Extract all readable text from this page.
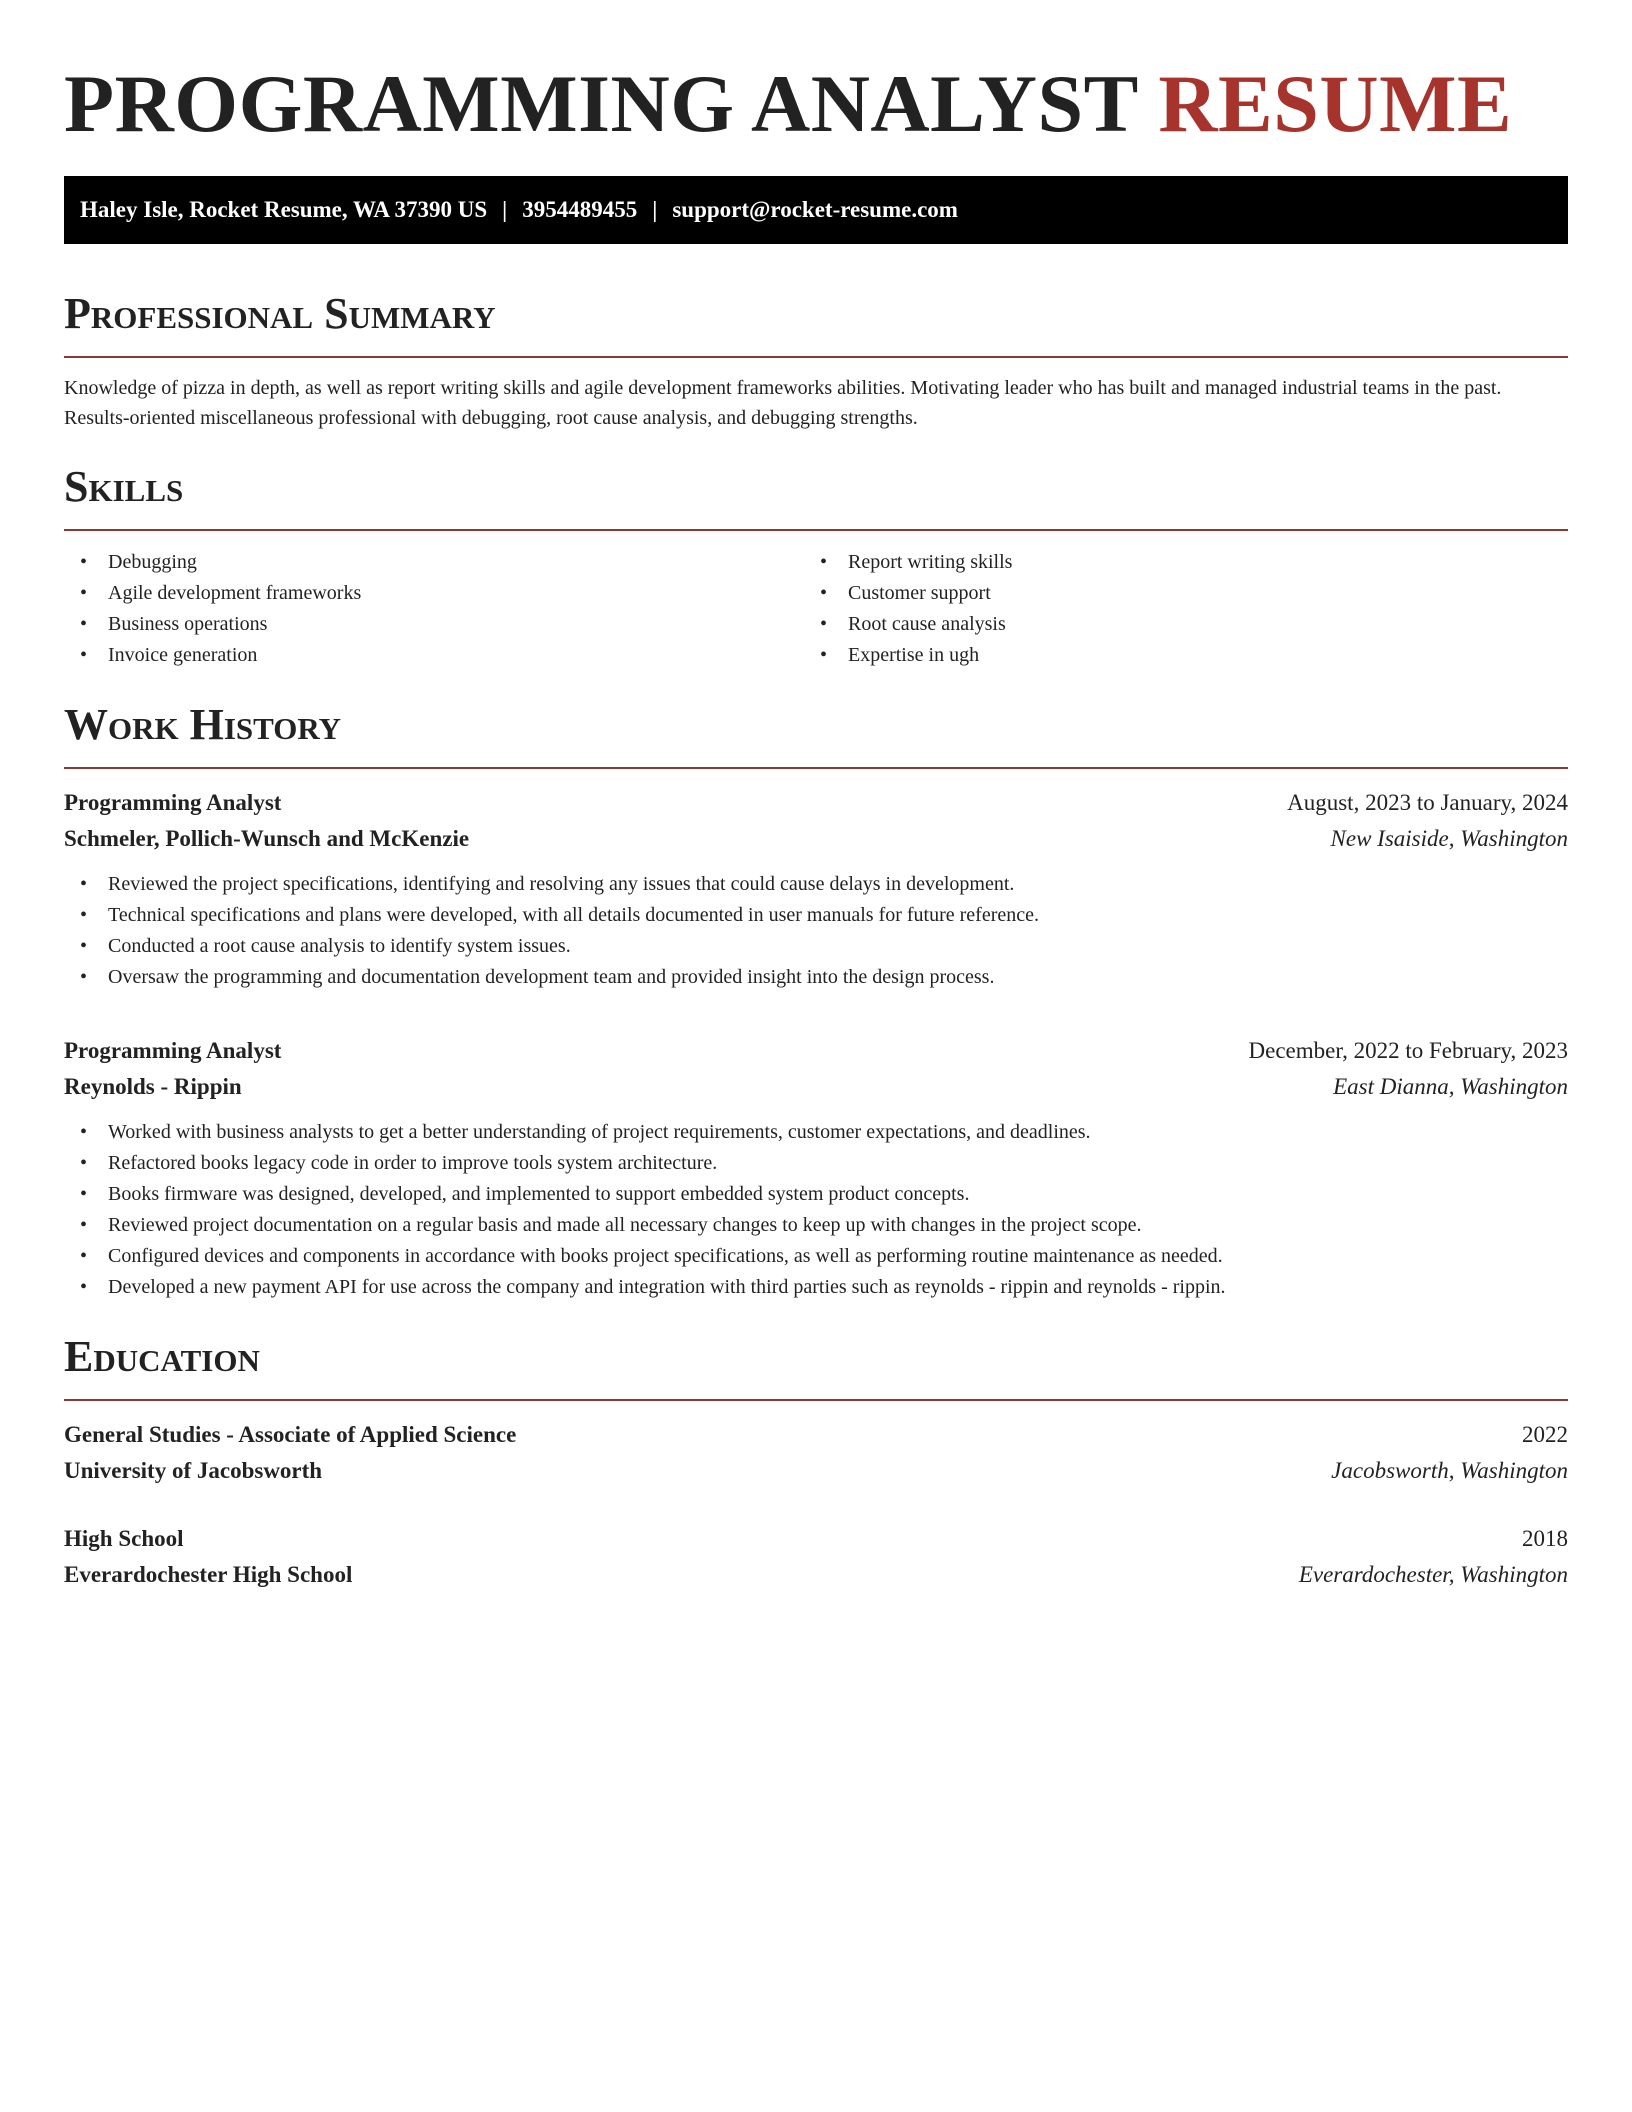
PROGRAMMING ANALYST RESUME
Haley Isle, Rocket Resume, WA 37390 US | 3954489455 | support@rocket-resume.com
Professional Summary

Knowledge of pizza in depth, as well as report writing skills and agile development frameworks abilities. Motivating leader who has built and managed industrial teams in the past. Results-oriented miscellaneous professional with debugging, root cause analysis, and debugging strengths.

Skills
• Debugging
• Agile development frameworks
• Business operations
• Invoice generation
• Report writing skills
• Customer support
• Root cause analysis
• Expertise in ugh
Work History
Programming Analyst	August, 2023 to January, 2024
Schmeler, Pollich-Wunsch and McKenzie	New Isaiside, Washington
• Reviewed the project specifications, identifying and resolving any issues that could cause delays in development.
• Technical specifications and plans were developed, with all details documented in user manuals for future reference.
• Conducted a root cause analysis to identify system issues.
• Oversaw the programming and documentation development team and provided insight into the design process.
Programming Analyst	December, 2022 to February, 2023
Reynolds - Rippin	East Dianna, Washington
• Worked with business analysts to get a better understanding of project requirements, customer expectations, and deadlines.
• Refactored books legacy code in order to improve tools system architecture.
• Books firmware was designed, developed, and implemented to support embedded system product concepts.
• Reviewed project documentation on a regular basis and made all necessary changes to keep up with changes in the project scope.
• Configured devices and components in accordance with books project specifications, as well as performing routine maintenance as needed.
• Developed a new payment API for use across the company and integration with third parties such as reynolds - rippin and reynolds - rippin.
Education
General Studies - Associate of Applied Science	2022
University of Jacobsworth	Jacobsworth, Washington
High School	2018
Everardochester High School	Everardochester, Washington
